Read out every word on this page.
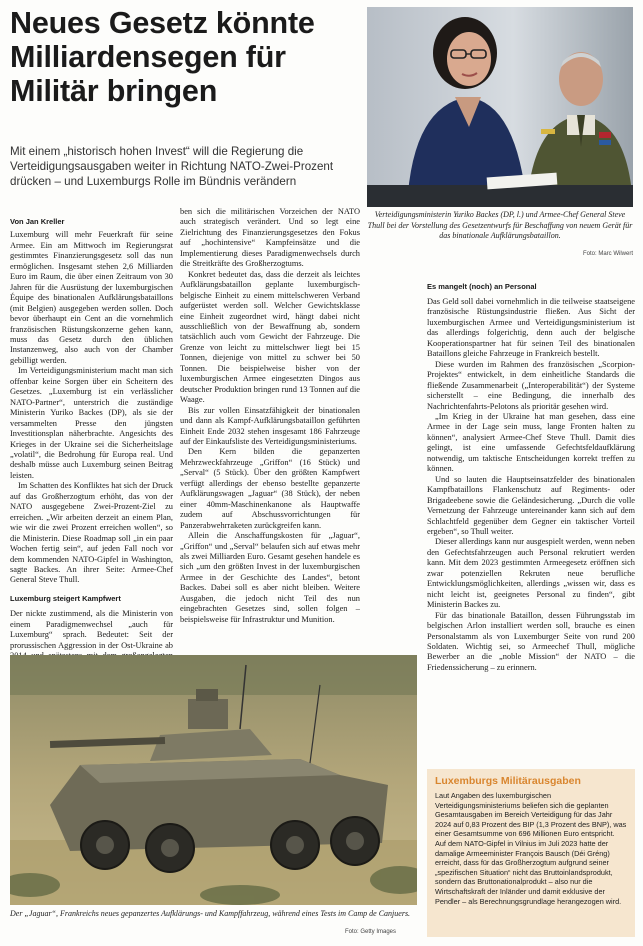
Neues Gesetz könnte Milliardensegen für Militär bringen

Mit einem „historisch hohen Invest“ will die Regierung die Verteidigungsausgaben weiter in Richtung NATO-Zwei-Prozent drücken – und Luxemburgs Rolle im Bündnis verändern

Verteidigungsministerin Yuriko Backes (DP, l.) und Armee-Chef General Steve Thull bei der Vorstellung des Gesetzentwurfs für Beschaffung von neuem Gerät für das binationale Aufklärungsbataillon.

Foto: Marc Wilwert
Von Jan Kreller

Luxemburg will mehr Feuerkraft für seine Armee. Ein am Mittwoch im Regierungsrat gestimmtes Finanzierungsgesetz soll das nun ermöglichen. Insgesamt stehen 2,6 Milliarden Euro im Raum, die über einen Zeitraum von 30 Jahren für die Ausrüstung der luxemburgischen Équipe des binationalen Aufklärungsbataillons (mit Belgien) ausgegeben werden sollen. Doch bevor überhaupt ein Cent an die vornehmlich französischen Rüstungskonzerne gehen kann, muss das Gesetz durch den üblichen Instanzenweg, also auch von der Chamber gebilligt werden.

Im Verteidigungsministerium macht man sich offenbar keine Sorgen über ein Scheitern des Gesetzes. „Luxemburg ist ein verlässlicher NATO-Partner“, unterstrich die zuständige Ministerin Yuriko Backes (DP), als sie der versammelten Presse den jüngsten Investitionsplan näherbrachte. Angesichts des Krieges in der Ukraine sei die Sicherheitslage „volatil“, die Bedrohung für Europa real. Und deshalb müsse auch Luxemburg seinen Beitrag leisten.

Im Schatten des Konfliktes hat sich der Druck auf das Großherzogtum erhöht, das von der NATO ausgegebene Zwei-Prozent-Ziel zu erreichen. „Wir arbeiten derzeit an einem Plan, wie wir die zwei Prozent erreichen wollen“, so die Ministerin. Diese Roadmap soll „in ein paar Wochen fertig sein“, auf jeden Fall noch vor dem kommenden NATO-Gipfel in Washington, sagte Backes. An ihrer Seite: Armee-Chef General Steve Thull.

Luxemburg steigert Kampfwert

Der nickte zustimmend, als die Ministerin von einem Paradigmenwechsel „auch für Luxemburg“ sprach. Bedeutet: Seit der prorussischen Aggression in der Ost-Ukraine ab

ben sich die militärischen Vorzeichen der NATO auch strategisch verändert. Und so legt eine Zielrichtung des Finanzierungsgesetzes den Fokus auf „hochintensive“ Kampfeinsätze und die Implementierung dieses Paradigmenwechsels durch die Streitkräfte des Großherzogtums.

Konkret bedeutet das, dass die derzeit als leichtes Aufklärungsbataillon geplante luxemburgisch-belgische Einheit zu einem mittelschweren Verband aufgerüstet werden soll. Welcher Gewichtsklasse eine Einheit zugeordnet wird, hängt dabei nicht ausschließlich von der Bewaffnung ab, sondern tatsächlich auch vom Gewicht der Fahrzeuge. Die Grenze von leicht zu mittelschwer liegt bei 15 Tonnen, diejenige von mittel zu schwer bei 50 Tonnen. Die beispielweise bisher von der luxemburgischen Armee eingesetzten Dingos aus deutscher Produktion bringen rund 13 Tonnen auf die Waage.

Bis zur vollen Einsatzfähigkeit der binationalen und dann als Kampf-Aufklärungsbataillon geführten Einheit Ende 2032 stehen insgesamt 186 Fahrzeuge auf der Einkaufsliste des Verteidigungsministeriums.

Den Kern bilden die gepanzerten Mehrzweckfahrzeuge „Griffon“ (16 Stück) und „Serval“ (5 Stück). Über den größten Kampfwert verfügt allerdings der ebenso bestellte gepanzerte Aufklärungswagen „Jaguar“ (38 Stück), der neben einer 40mm-Maschinenkanone als Hauptwaffe zudem auf Abschussvorrichtungen für Panzerabwehrraketen zurückgreifen kann.

Allein die Anschaffungskosten für „Jaguar“, „Griffon“ und „Serval“ belaufen sich auf etwas mehr als zwei Milliarden Euro. Gesamt gesehen handele es sich „um den größten Invest in der luxemburgischen Armee in der Geschichte des Landes“, betont Backes. Dabei soll es aber nicht bleiben. Weitere Ausgaben, die jedoch nicht Teil des nun eingebrachten Gesetzes sind, sollen folgen – beispielsweise für Infrastruktur und Munition.

Es mangelt (noch) an Personal

Das Geld soll dabei vornehmlich in die teilweise staatseigene französische Rüstungsindustrie fließen. Aus Sicht der luxemburgischen Armee und Verteidigungsministerium ist das allerdings folgerichtig, denn auch der belgische Kooperationspartner hat für seinen Teil des binationalen Bataillons gleiche Fahrzeuge in Frankreich bestellt.

Diese wurden im Rahmen des französischen „Scorpion-Projektes“ entwickelt, in dem einheitliche Standards die fließende Zusammenarbeit („Interoperabilität“) der Systeme sicherstellt – eine Bedingung, die innerhalb des Nachrichtenfahrts-Pelotons als prioritär gesehen wird.

„Im Krieg in der Ukraine hat man gesehen, dass eine Armee in der Lage sein muss, lange Fronten halten zu können“, analysiert Armee-Chef Steve Thull. Damit dies gelingt, ist eine umfassende Gefechtsfeldaufklärung notwendig, um taktische Entscheidungen korrekt treffen zu können.

Und so lauten die Hauptseinsatzfelder des binationalen Kampfbataillons Flankenschutz auf Regiments- oder Brigadeebene sowie die Geländesicherung. „Durch die volle Vernetzung der Fahrzeuge untereinander kann sich auf dem Schlachtfeld gegenüber dem Gegner ein taktischer Vorteil ergeben“, so Thull weiter.

Dieser allerdings kann nur ausgespielt werden, wenn neben den Gefechtsfahrzeugen auch Personal rekrutiert werden kann. Mit dem 2023 gestimmten Armeegesetz eröffnen sich zwar potenziellen Rekruten neue berufliche Entwicklungsmöglichkeiten, allerdings „wissen wir, dass es nicht leicht ist, geeignetes Personal zu finden“, gibt Ministerin Backes zu.

Für das binationale Bataillon, dessen Führungsstab im belgischen Arlon installiert werden soll, brauche es einen Personalstamm als von Luxemburger Seite von rund 200 Soldaten. Wichtig sei, so Armeechef Thull, mögliche Bewerber an die „noble Mission“ der NATO – die Friedenssicherung – zu erinnern.

Der „Jaguar“, Frankreichs neues gepanzertes Aufklärungs- und Kampffahrzeug, während eines Tests im Camp de Canjuers.

Foto: Getty Images
Luxemburgs Militärausgaben

Laut Angaben des luxemburgischen Verteidigungsministeriums beliefen sich die geplanten Gesamtausgaben im Bereich Verteidigung für das Jahr 2024 auf 0,83 Prozent des BIP (1,3 Prozent des BNP), was einer Gesamtsumme von 696 Millionen Euro entspricht. Auf dem NATO-Gipfel in Vilnius im Juli 2023 hatte der damalige Armeeminister François Bausch (Déi Gréng) erreicht, dass für das Großherzogtum aufgrund seiner „spezifischen Situation“ nicht das Bruttoinlandsprodukt, sondern das Bruttonationalprodukt – also nur die Wirtschaftskraft der Inländer und damit exklusive der Pendler – als Berechnungsgrundlage herangezogen wird.
